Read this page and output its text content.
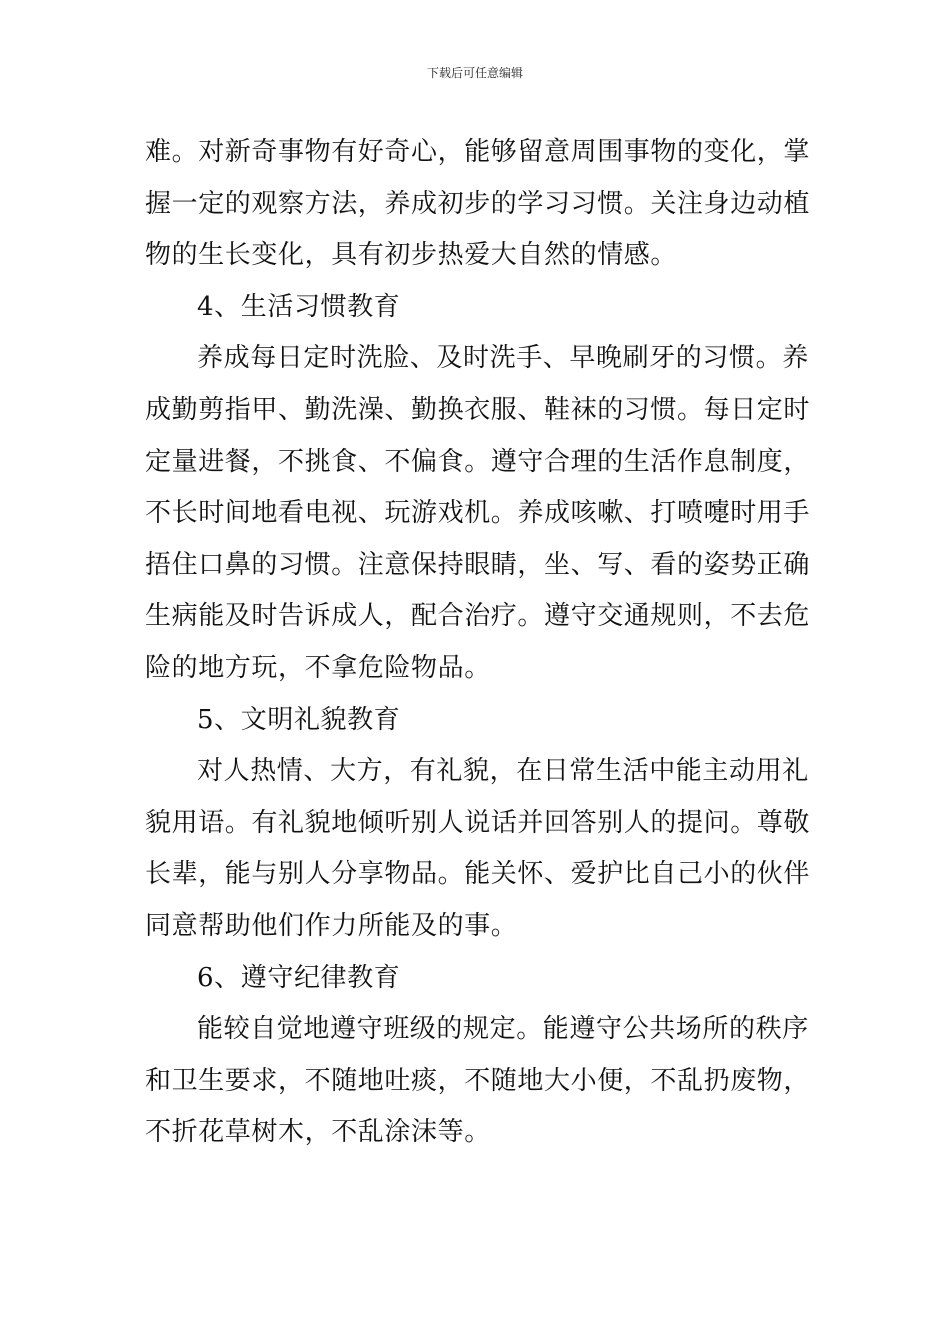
下载后可任意编辑
难。对新奇事物有好奇心，能够留意周围事物的变化，掌
握一定的观察方法，养成初步的学习习惯。关注身边动植
物的生长变化，具有初步热爱大自然的情感。
4、生活习惯教育
养成每日定时洗脸、及时洗手、早晚刷牙的习惯。养
成勤剪指甲、勤洗澡、勤换衣服、鞋袜的习惯。每日定时
定量进餐，不挑食、不偏食。遵守合理的生活作息制度，
不长时间地看电视、玩游戏机。养成咳嗽、打喷嚏时用手
捂住口鼻的习惯。注意保持眼睛，坐、写、看的姿势正确
生病能及时告诉成人，配合治疗。遵守交通规则，不去危
险的地方玩，不拿危险物品。
5、文明礼貌教育
对人热情、大方，有礼貌，在日常生活中能主动用礼
貌用语。有礼貌地倾听别人说话并回答别人的提问。尊敬
长辈，能与别人分享物品。能关怀、爱护比自己小的伙伴
同意帮助他们作力所能及的事。
6、遵守纪律教育
能较自觉地遵守班级的规定。能遵守公共场所的秩序
和卫生要求，不随地吐痰，不随地大小便，不乱扔废物，
不折花草树木，不乱涂沫等。
